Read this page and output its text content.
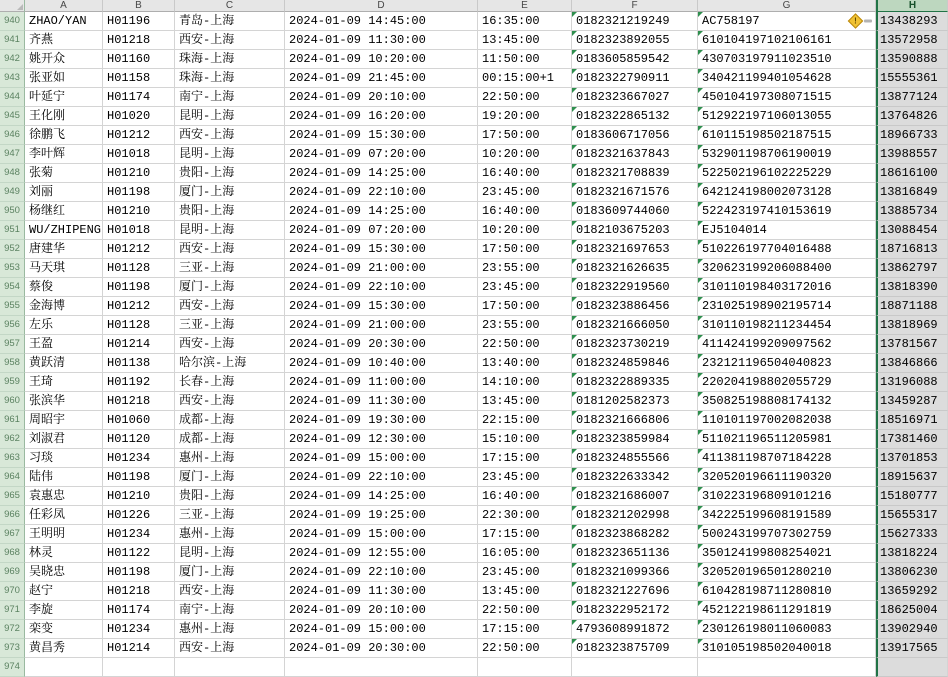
A	B	C	D	E	F	G	H
940 ZHAO/YAN	H01196	青岛-上海	2024-01-09 14:45:00	16:35:00	0182321219249	AC758197	!	13438293
941 齐燕	H01218	西安-上海	2024-01-09 11:30:00	13:45:00	0182323892055	610104197102106161	13572958
942 姚开众	H01160	珠海-上海	2024-01-09 10:20:00	11:50:00	0183605859542	430703197911023510	13590888
943 张亚如	H01158	珠海-上海	2024-01-09 21:45:00	00:15:00+1	0182322790911	340421199401054628	15555361
944 叶延宁	H01174	南宁-上海	2024-01-09 20:10:00	22:50:00	0182323667027	450104197308071515	13877124
945 王化刚	H01020	昆明-上海	2024-01-09 16:20:00	19:20:00	0182322865132	512922197106013055	13764826
946 徐鹏飞	H01212	西安-上海	2024-01-09 15:30:00	17:50:00	0183606717056	610115198502187515	18966733
947 李叶辉	H01018	昆明-上海	2024-01-09 07:20:00	10:20:00	0182321637843	532901198706190019	13988557
948 张菊	H01210	贵阳-上海	2024-01-09 14:25:00	16:40:00	0182321708839	522502196102225229	18616100
949 刘丽	H01198	厦门-上海	2024-01-09 22:10:00	23:45:00	0182321671576	642124198002073128	13816849
950 杨继红	H01210	贵阳-上海	2024-01-09 14:25:00	16:40:00	0183609744060	522423197410153619	13885734
951 WU/ZHIPENG H01018	昆明-上海	2024-01-09 07:20:00	10:20:00	0182103675203	EJ5104014	13088454
952 唐建华	H01212	西安-上海	2024-01-09 15:30:00	17:50:00	0182321697653	510226197704016488	18716813
953 马天琪	H01128	三亚-上海	2024-01-09 21:00:00	23:55:00	0182321626635	320623199206088400	13862797
954 蔡俊	H01198	厦门-上海	2024-01-09 22:10:00	23:45:00	0182322919560	310110198403172016	13818390
955 金海博	H01212	西安-上海	2024-01-09 15:30:00	17:50:00	0182323886456	231025198902195714	18871188
956 左乐	H01128	三亚-上海	2024-01-09 21:00:00	23:55:00	0182321666050	310110198211234454	13818969
957 王盈	H01214	西安-上海	2024-01-09 20:30:00	22:50:00	0182323730219	411424199209097562	13781567
958 黄跃清	H01138	哈尔滨-上海	2024-01-09 10:40:00	13:40:00	0182324859846	232121196504040823	13846866
959 王琦	H01192	长春-上海	2024-01-09 11:00:00	14:10:00	0182322889335	220204198802055729	13196088
960 张滨华	H01218	西安-上海	2024-01-09 11:30:00	13:45:00	0181202582373	350825198808174132	13459287
961 周昭宇	H01060	成都-上海	2024-01-09 19:30:00	22:15:00	0182321666806	110101197002082038	18516971
962 刘淑君	H01120	成都-上海	2024-01-09 12:30:00	15:10:00	0182323859984	511021196511205981	17381460
963 习琰	H01234	惠州-上海	2024-01-09 15:00:00	17:15:00	0182324855566	411381198707184228	13701853
964 陆伟	H01198	厦门-上海	2024-01-09 22:10:00	23:45:00	0182322633342	320520196611190320	18915637
965 袁惠忠	H01210	贵阳-上海	2024-01-09 14:25:00	16:40:00	0182321686007	310223196809101216	15180777
966 任彩凤	H01226	三亚-上海	2024-01-09 19:25:00	22:30:00	0182321202998	342225199608191589	15655317
967 王明明	H01234	惠州-上海	2024-01-09 15:00:00	17:15:00	0182323868282	500243199707302759	15627333
968 林灵	H01122	昆明-上海	2024-01-09 12:55:00	16:05:00	0182323651136	350124199808254021	13818224
969 吴晓忠	H01198	厦门-上海	2024-01-09 22:10:00	23:45:00	0182321099366	320520196501280210	13806230
970 赵宁	H01218	西安-上海	2024-01-09 11:30:00	13:45:00	0182321227696	610428198711280810	13659292
971 李旋	H01174	南宁-上海	2024-01-09 20:10:00	22:50:00	0182322952172	452122198611291819	18625004
972 栾变	H01234	惠州-上海	2024-01-09 15:00:00	17:15:00	4793608991872	230126198011060083	13902940
973 黄昌秀	H01214	西安-上海	2024-01-09 20:30:00	22:50:00	0182323875709	310105198502040018	13917565
974
